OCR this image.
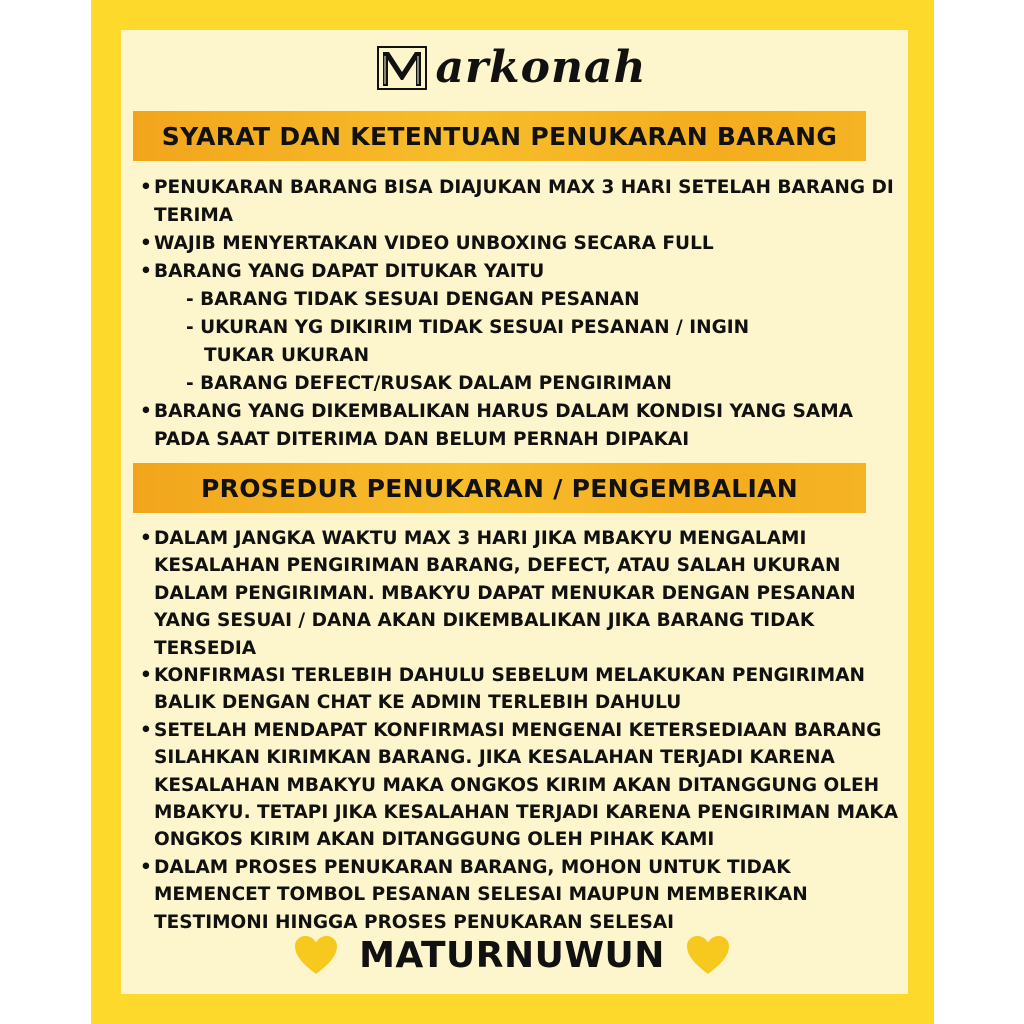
arkonah
SYARAT DAN KETENTUAN PENUKARAN BARANG
• PENUKARAN BARANG BISA DIAJUKAN MAX 3 HARI SETELAH BARANG DI TERIMA
• WAJIB MENYERTAKAN VIDEO UNBOXING SECARA FULL
• BARANG YANG DAPAT DITUKAR YAITU
- BARANG TIDAK SESUAI DENGAN PESANAN
- UKURAN YG DIKIRIM TIDAK SESUAI PESANAN / INGIN
TUKAR UKURAN
- BARANG DEFECT/RUSAK DALAM PENGIRIMAN
• BARANG YANG DIKEMBALIKAN HARUS DALAM KONDISI YANG SAMA PADA SAAT DITERIMA DAN BELUM PERNAH DIPAKAI
PROSEDUR PENUKARAN / PENGEMBALIAN
• DALAM JANGKA WAKTU MAX 3 HARI JIKA MBAKYU MENGALAMI KESALAHAN PENGIRIMAN BARANG, DEFECT, ATAU SALAH UKURAN DALAM PENGIRIMAN. MBAKYU DAPAT MENUKAR DENGAN PESANAN YANG SESUAI / DANA AKAN DIKEMBALIKAN JIKA BARANG TIDAK TERSEDIA
• KONFIRMASI TERLEBIH DAHULU SEBELUM MELAKUKAN PENGIRIMAN BALIK DENGAN CHAT KE ADMIN TERLEBIH DAHULU
• SETELAH MENDAPAT KONFIRMASI MENGENAI KETERSEDIAAN BARANG SILAHKAN KIRIMKAN BARANG. JIKA KESALAHAN TERJADI KARENA KESALAHAN MBAKYU MAKA ONGKOS KIRIM AKAN DITANGGUNG OLEH MBAKYU. TETAPI JIKA KESALAHAN TERJADI KARENA PENGIRIMAN MAKA ONGKOS KIRIM AKAN DITANGGUNG OLEH PIHAK KAMI
• DALAM PROSES PENUKARAN BARANG, MOHON UNTUK TIDAK MEMENCET TOMBOL PESANAN SELESAI MAUPUN MEMBERIKAN TESTIMONI HINGGA PROSES PENUKARAN SELESAI
MATURNUWUN
